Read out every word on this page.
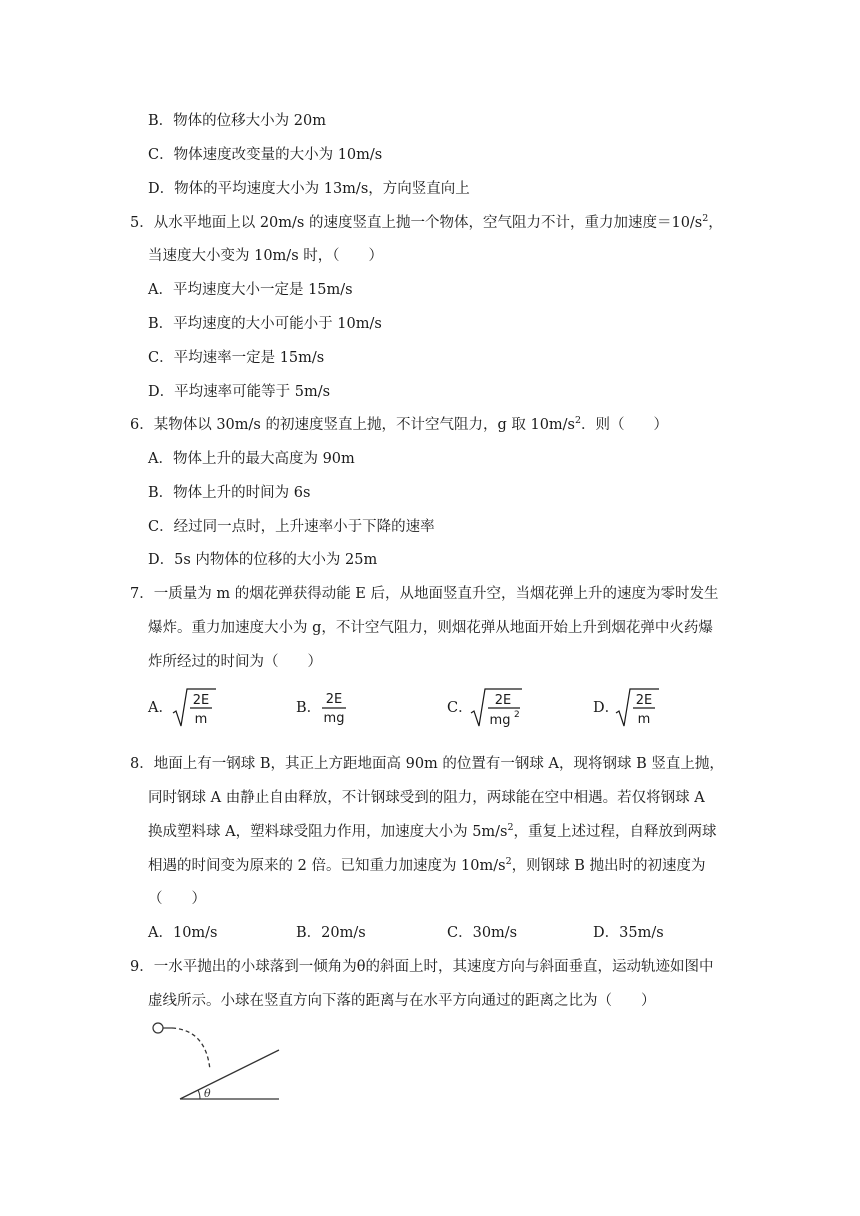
B．物体的位移大小为 20m
C．物体速度改变量的大小为 10m/s
D．物体的平均速度大小为 13m/s，方向竖直向上
5．从水平地面上以 20m/s 的速度竖直上抛一个物体，空气阻力不计，重力加速度$=10/s^2$，
当速度大小变为 10m/s 时，（　　）
A．平均速度大小一定是 15m/s
B．平均速度的大小可能小于 10m/s
C．平均速率一定是 15m/s
D．平均速率可能等于 5m/s
6．某物体以 30m/s 的初速度竖直上抛，不计空气阻力，g 取 $10m/s^2$．则（　　）
A．物体上升的最大高度为 90m
B．物体上升的时间为 6s
C．经过同一点时，上升速率小于下降的速率
D．5s 内物体的位移的大小为 25m
7．一质量为 m 的烟花弹获得动能 E 后，从地面竖直升空，当烟花弹上升的速度为零时发生
爆炸。重力加速度大小为 g，不计空气阻力，则烟花弹从地面开始上升到烟花弹中火药爆
炸所经过的时间为（　　）
A． 2E
m
B．
2E
mg
C． 2E
mg 2	D． 2E
m
8．地面上有一钢球 B，其正上方距地面高 90m 的位置有一钢球 A，现将钢球 B 竖直上抛，
同时钢球 A 由静止自由释放，不计钢球受到的阻力，两球能在空中相遇。若仅将钢球 A
换成塑料球 A，塑料球受阻力作用，加速度大小为 $5m/s^2$，重复上述过程，自释放到两球
相遇的时间变为原来的 2 倍。已知重力加速度为 $10m/s^2$，则钢球 B 抛出时的初速度为
（　　）
A．10m/s	B．20m/s	C．30m/s	D．35m/s
9．一水平抛出的小球落到一倾角为θ的斜面上时，其速度方向与斜面垂直，运动轨迹如图中
虚线所示。小球在竖直方向下落的距离与在水平方向通过的距离之比为（　　）
θ
